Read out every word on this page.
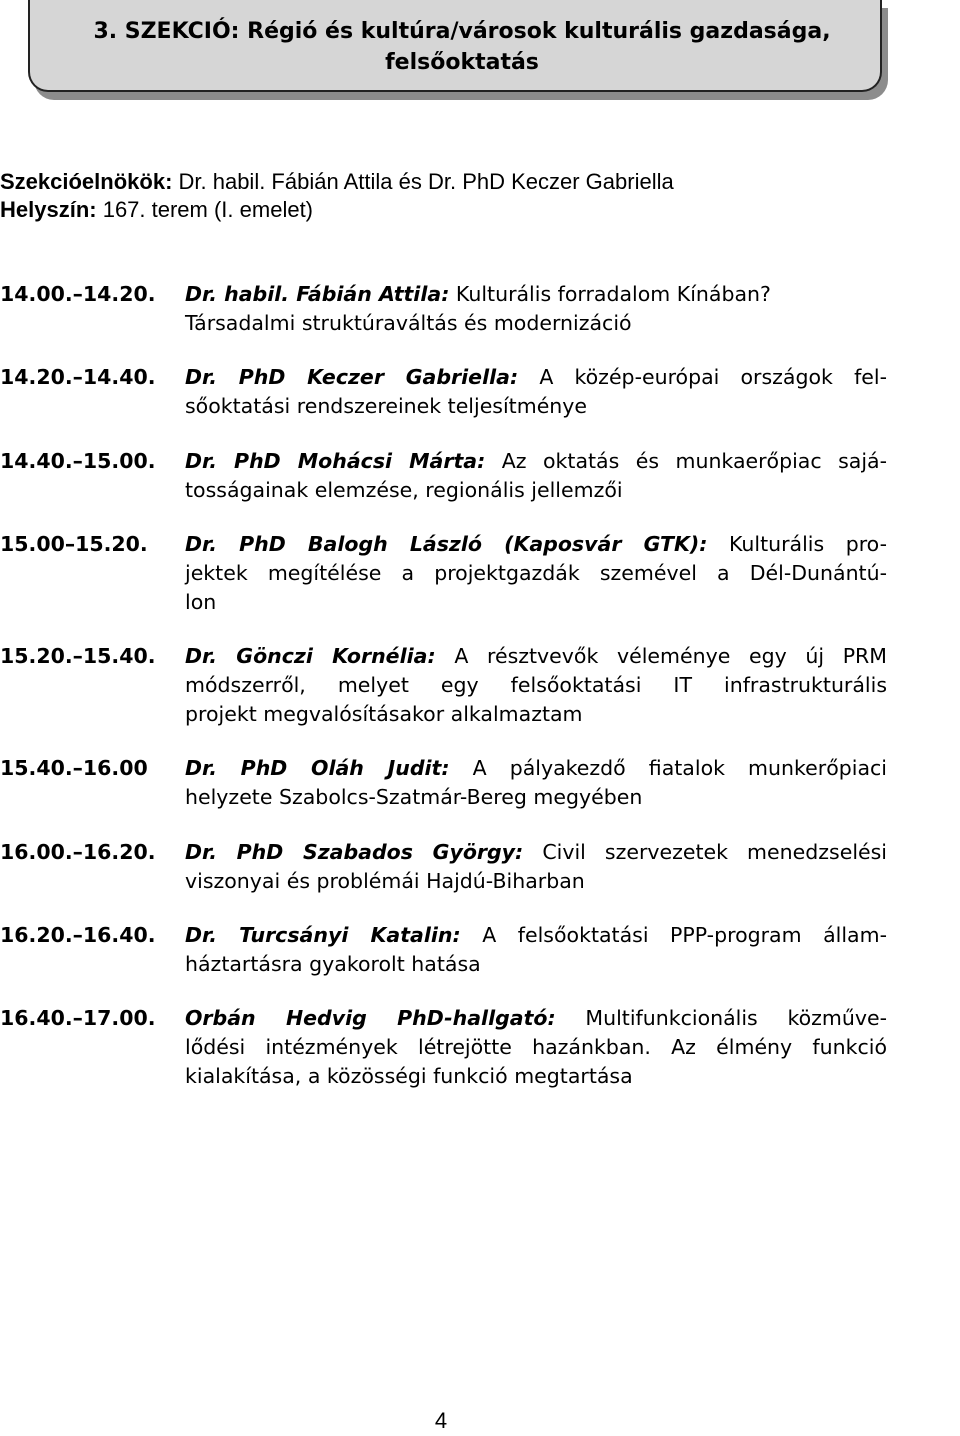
3. SZEKCIÓ: Régió és kultúra/városok kulturális gazdasága,
felsőoktatás
Szekcióelnökök: Dr. habil. Fábián Attila és Dr. PhD Keczer Gabriella
Helyszín: 167. terem (I. emelet)
14.00.–14.20. Dr. habil. Fábián Attila: Kulturális forradalom Kínában?
Társadalmi struktúraváltás és modernizáció
14.20.–14.40. Dr. PhD Keczer Gabriella: A közép-európai országok fel-
sőoktatási rendszereinek teljesítménye
14.40.–15.00. Dr. PhD Mohácsi Márta: Az oktatás és munkaerőpiac sajá-
tosságainak elemzése, regionális jellemzői
15.00–15.20. Dr. PhD Balogh László (Kaposvár GTK): Kulturális pro-
jektek megítélése a projektgazdák szemével a Dél-Dunántú-
lon
15.20.–15.40. Dr. Gönczi Kornélia: A résztvevők véleménye egy új PRM
módszerről, melyet egy felsőoktatási IT infrastrukturális
projekt megvalósításakor alkalmaztam
15.40.–16.00 Dr. PhD Oláh Judit: A pályakezdő fiatalok munkerőpiaci
helyzete Szabolcs-Szatmár-Bereg megyében
16.00.–16.20. Dr. PhD Szabados György: Civil szervezetek menedzselési
viszonyai és problémái Hajdú-Biharban
16.20.–16.40. Dr. Turcsányi Katalin: A felsőoktatási PPP-program állam-
háztartásra gyakorolt hatása
16.40.–17.00. Orbán Hedvig PhD-hallgató: Multifunkcionális közműve-
lődési intézmények létrejötte hazánkban. Az élmény funkció
kialakítása, a közösségi funkció megtartása
4
